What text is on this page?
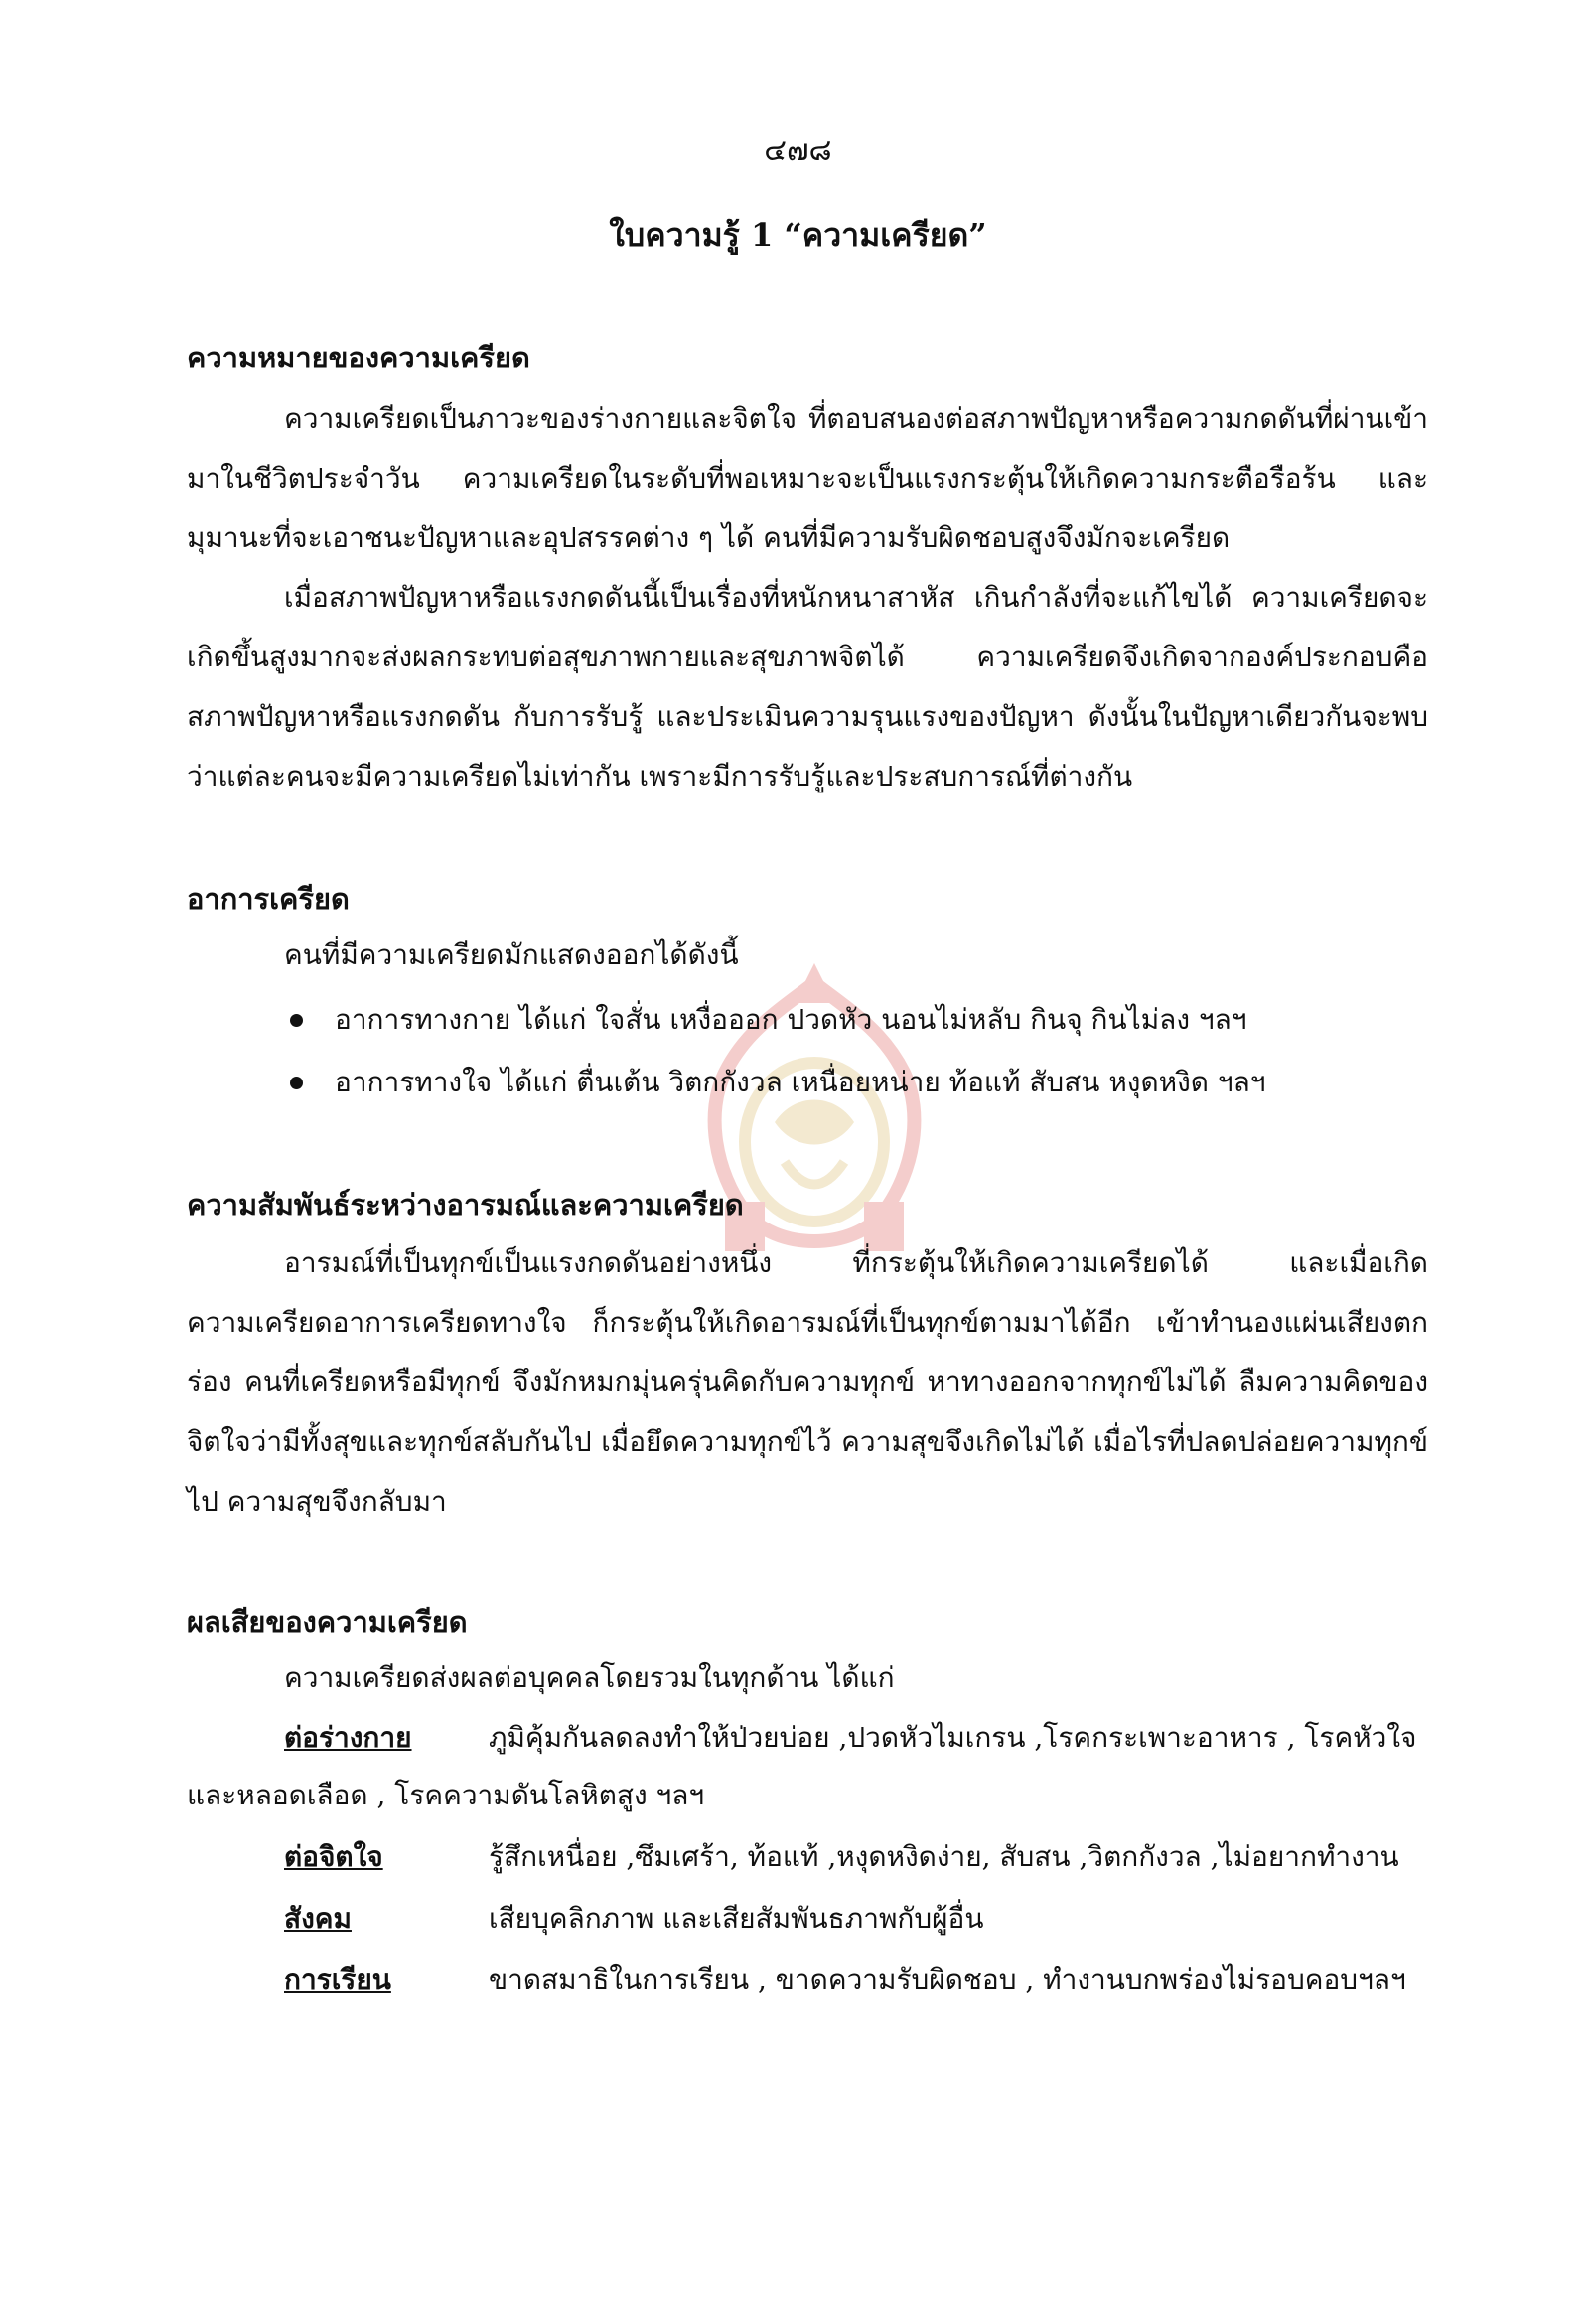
๔๗๘
ใบความรู้ 1 “ความเครียด”
ความหมายของความเครียด

ความเครียดเป็นภาวะของร่างกายและจิตใจ ที่ตอบสนองต่อสภาพปัญหาหรือความกดดันที่ผ่านเข้ามาในชีวิตประจำวัน ความเครียดในระดับที่พอเหมาะจะเป็นแรงกระตุ้นให้เกิดความกระตือรือร้น และมุมานะที่จะเอาชนะปัญหาและอุปสรรคต่าง ๆ ได้ คนที่มีความรับผิดชอบสูงจึงมักจะเครียด

เมื่อสภาพปัญหาหรือแรงกดดันนี้เป็นเรื่องที่หนักหนาสาหัส เกินกำลังที่จะแก้ไขได้ ความเครียดจะเกิดขึ้นสูงมากจะส่งผลกระทบต่อสุขภาพกายและสุขภาพจิตได้ ความเครียดจึงเกิดจากองค์ประกอบคือ สภาพปัญหาหรือแรงกดดัน กับการรับรู้ และประเมินความรุนแรงของปัญหา ดังนั้นในปัญหาเดียวกันจะพบว่าแต่ละคนจะมีความเครียดไม่เท่ากัน เพราะมีการรับรู้และประสบการณ์ที่ต่างกัน

อาการเครียด
คนที่มีความเครียดมักแสดงออกได้ดังนี้
อาการทางกาย ได้แก่ ใจสั่น เหงื่อออก ปวดหัว นอนไม่หลับ กินจุ กินไม่ลง ฯลฯ
อาการทางใจ ได้แก่ ตื่นเต้น วิตกกังวล เหนื่อยหน่าย ท้อแท้ สับสน หงุดหงิด ฯลฯ
ความสัมพันธ์ระหว่างอารมณ์และความเครียด

อารมณ์ที่เป็นทุกข์เป็นแรงกดดันอย่างหนึ่ง ที่กระตุ้นให้เกิดความเครียดได้ และเมื่อเกิดความเครียดอาการเครียดทางใจ ก็กระตุ้นให้เกิดอารมณ์ที่เป็นทุกข์ตามมาได้อีก เข้าทำนองแผ่นเสียงตกร่อง คนที่เครียดหรือมีทุกข์ จึงมักหมกมุ่นครุ่นคิดกับความทุกข์ หาทางออกจากทุกข์ไม่ได้ ลืมความคิดของจิตใจว่ามีทั้งสุขและทุกข์สลับกันไป เมื่อยึดความทุกข์ไว้ ความสุขจึงเกิดไม่ได้ เมื่อไรที่ปลดปล่อยความทุกข์ไป ความสุขจึงกลับมา

ผลเสียของความเครียด
ความเครียดส่งผลต่อบุคคลโดยรวมในทุกด้าน ได้แก่
ต่อร่างกาย	ภูมิคุ้มกันลดลงทำให้ป่วยบ่อย ,ปวดหัวไมเกรน ,โรคกระเพาะอาหาร , โรคหัวใจ
และหลอดเลือด , โรคความดันโลหิตสูง ฯลฯ
ต่อจิตใจ	รู้สึกเหนื่อย ,ซึมเศร้า, ท้อแท้ ,หงุดหงิดง่าย, สับสน ,วิตกกังวล ,ไม่อยากทำงาน
สังคม	เสียบุคลิกภาพ และเสียสัมพันธภาพกับผู้อื่น
การเรียน	ขาดสมาธิในการเรียน , ขาดความรับผิดชอบ , ทำงานบกพร่องไม่รอบคอบฯลฯ
